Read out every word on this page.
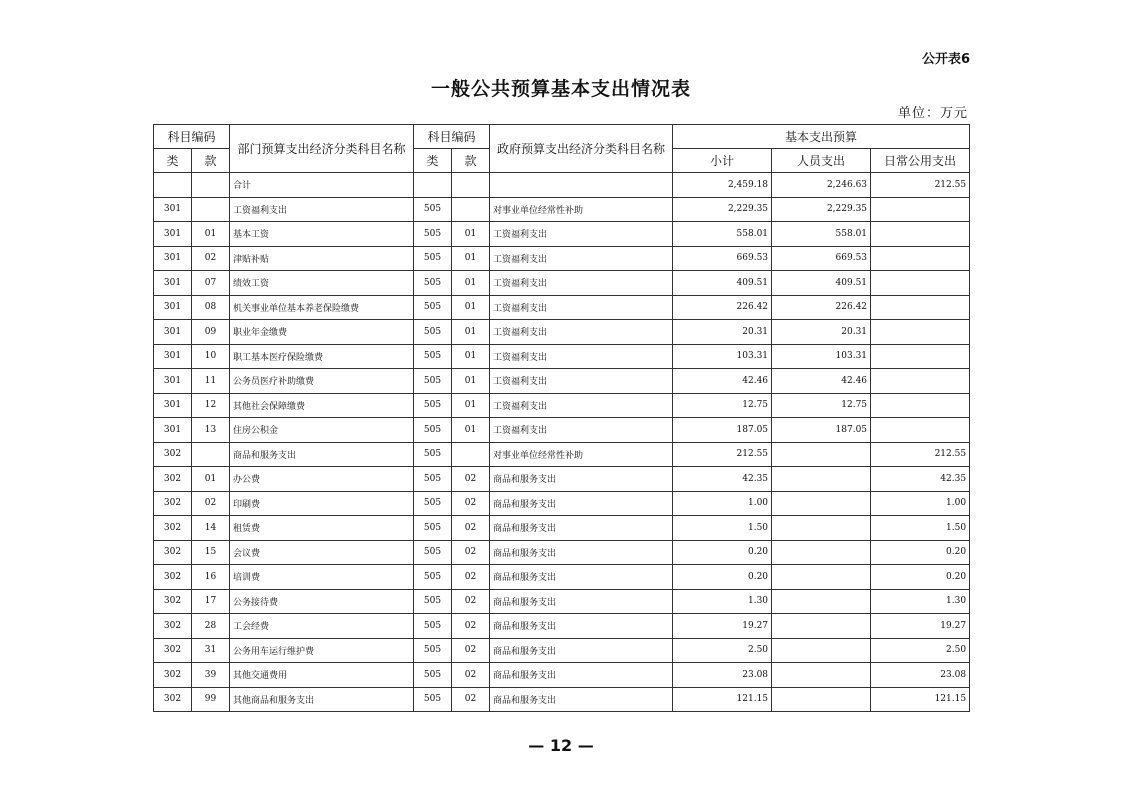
公开表6
一般公共预算基本支出情况表
单位：万元
科目编码		部门预算支出经济分类科目名称	科目编码		政府预算支出经济分类科目名称	基本支出预算		
类	款		类	款		小计	人员支出	日常公用支出
		合计				2,459.18	2,246.63	212.55
301		工资福利支出	505		对事业单位经常性补助	2,229.35	2,229.35	
301	01	基本工资	505	01	工资福利支出	558.01	558.01	
301	02	津贴补贴	505	01	工资福利支出	669.53	669.53	
301	07	绩效工资	505	01	工资福利支出	409.51	409.51	
301	08	机关事业单位基本养老保险缴费	505	01	工资福利支出	226.42	226.42	
301	09	职业年金缴费	505	01	工资福利支出	20.31	20.31	
301	10	职工基本医疗保险缴费	505	01	工资福利支出	103.31	103.31	
301	11	公务员医疗补助缴费	505	01	工资福利支出	42.46	42.46	
301	12	其他社会保障缴费	505	01	工资福利支出	12.75	12.75	
301	13	住房公积金	505	01	工资福利支出	187.05	187.05	
302		商品和服务支出	505		对事业单位经常性补助	212.55		212.55
302	01	办公费	505	02	商品和服务支出	42.35		42.35
302	02	印刷费	505	02	商品和服务支出	1.00		1.00
302	14	租赁费	505	02	商品和服务支出	1.50		1.50
302	15	会议费	505	02	商品和服务支出	0.20		0.20
302	16	培训费	505	02	商品和服务支出	0.20		0.20
302	17	公务接待费	505	02	商品和服务支出	1.30		1.30
302	28	工会经费	505	02	商品和服务支出	19.27		19.27
302	31	公务用车运行维护费	505	02	商品和服务支出	2.50		2.50
302	39	其他交通费用	505	02	商品和服务支出	23.08		23.08
302	99	其他商品和服务支出	505	02	商品和服务支出	121.15		121.15
— 12 —
